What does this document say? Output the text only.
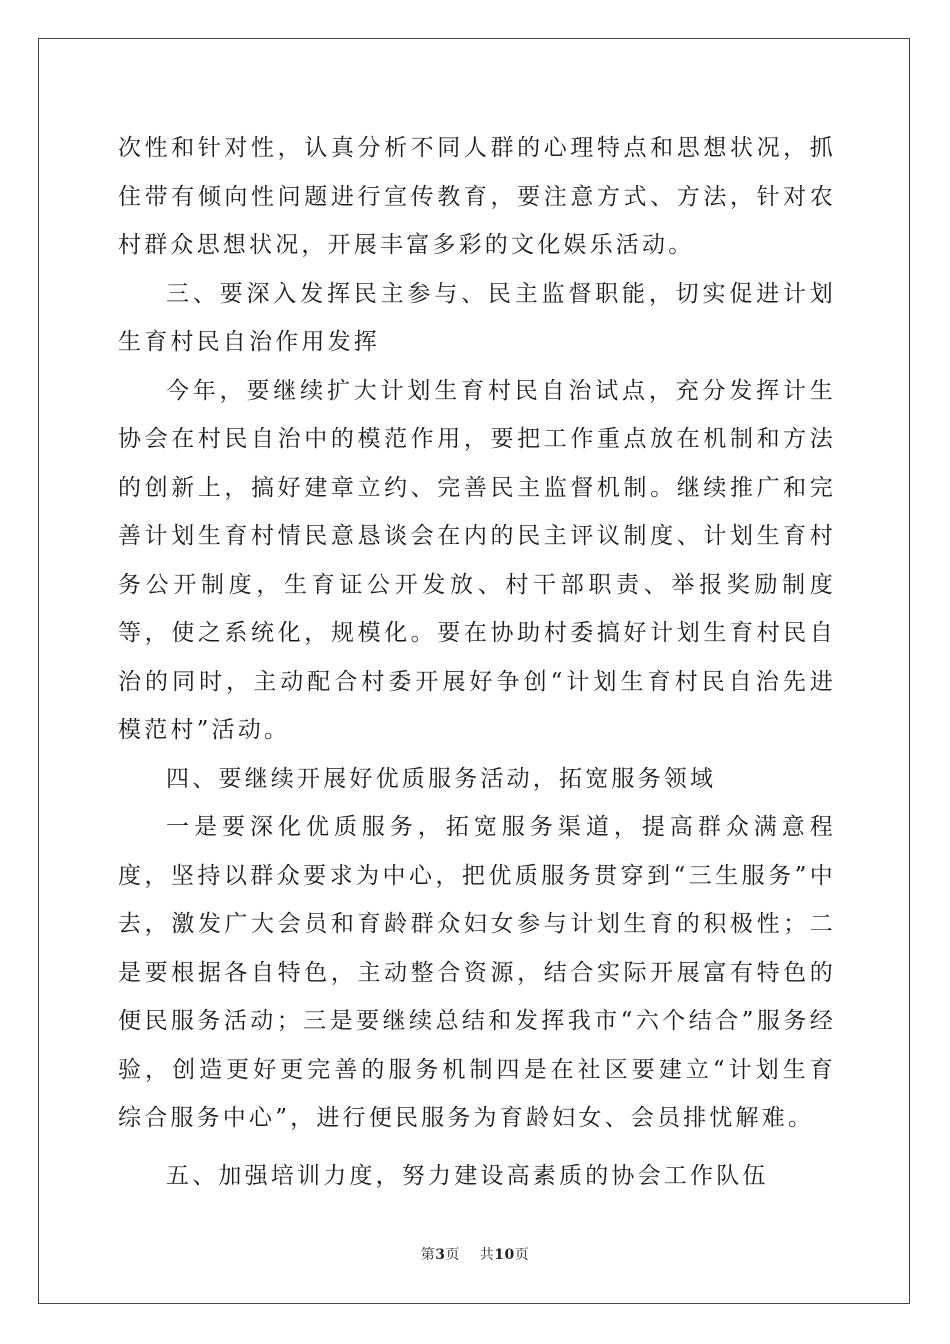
次性和针对性，认真分析不同人群的心理特点和思想状况，抓住带有倾向性问题进行宣传教育，要注意方式、方法，针对农村群众思想状况，开展丰富多彩的文化娱乐活动。

三、要深入发挥民主参与、民主监督职能，切实促进计划生育村民自治作用发挥

今年，要继续扩大计划生育村民自治试点，充分发挥计生协会在村民自治中的模范作用，要把工作重点放在机制和方法的创新上，搞好建章立约、完善民主监督机制。继续推广和完善计划生育村情民意恳谈会在内的民主评议制度、计划生育村务公开制度，生育证公开发放、村干部职责、举报奖励制度等，使之系统化，规模化。要在协助村委搞好计划生育村民自治的同时，主动配合村委开展好争创“计划生育村民自治先进模范村”活动。

四、要继续开展好优质服务活动，拓宽服务领域

一是要深化优质服务，拓宽服务渠道，提高群众满意程度，坚持以群众要求为中心，把优质服务贯穿到“三生服务”中去，激发广大会员和育龄群众妇女参与计划生育的积极性；二是要根据各自特色，主动整合资源，结合实际开展富有特色的便民服务活动；三是要继续总结和发挥我市“六个结合”服务经验，创造更好更完善的服务机制四是在社区要建立“计划生育综合服务中心”，进行便民服务为育龄妇女、会员排忧解难。

五、加强培训力度，努力建设高素质的协会工作队伍

第3页 共10页
